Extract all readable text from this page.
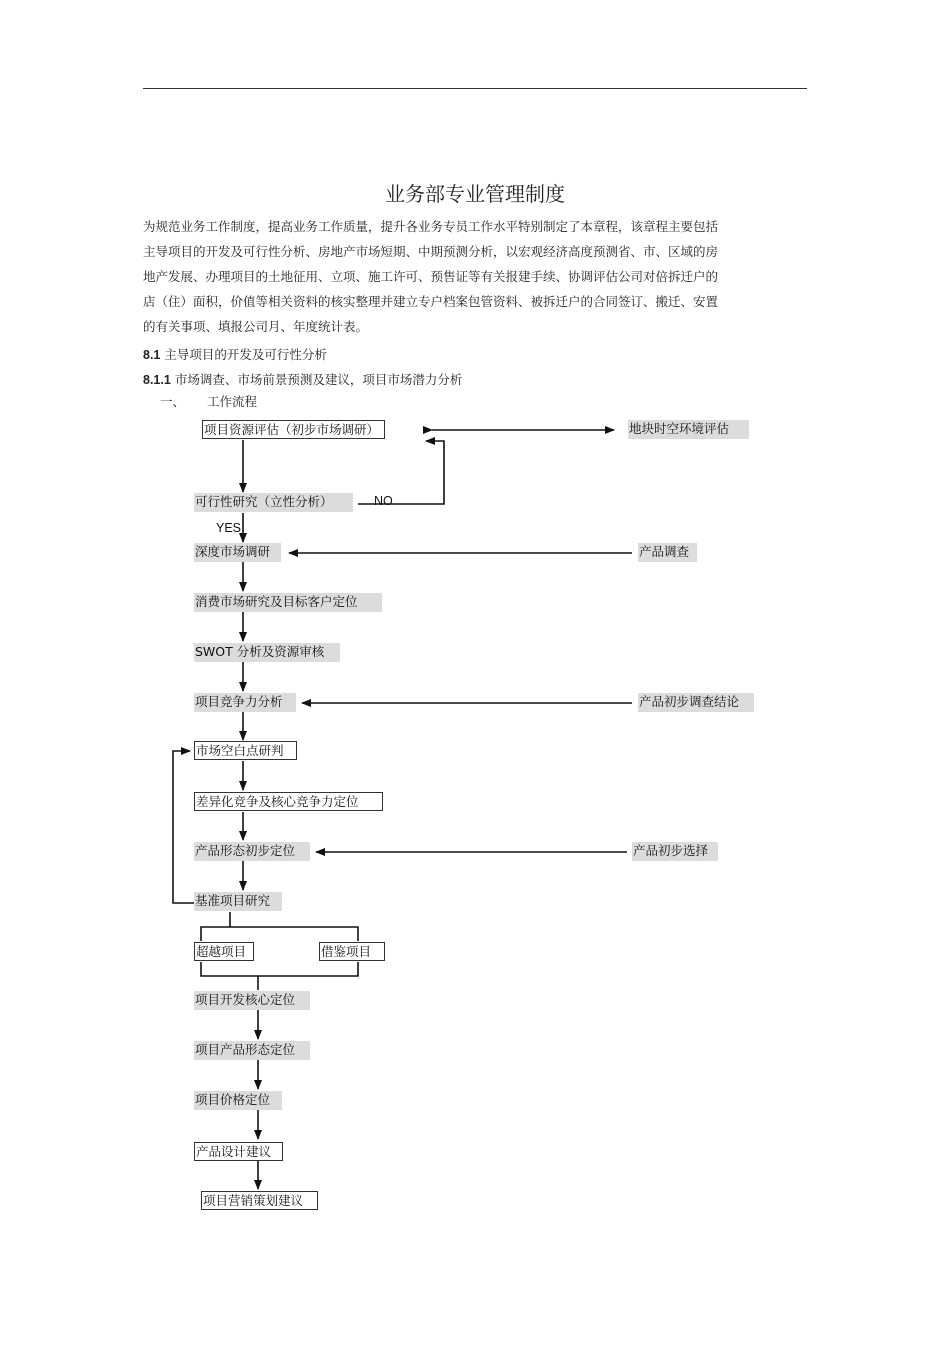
业务部专业管理制度
为规范业务工作制度，提高业务工作质量，提升各业务专员工作水平特别制定了本章程，该章程主要包括
主导项目的开发及可行性分析、房地产市场短期、中期预测分析，以宏观经济高度预测省、市、区域的房
地产发展、办理项目的土地征用、立项、施工许可、预售证等有关报建手续、协调评估公司对倍拆迁户的
店（住）面积，价值等相关资料的核实整理并建立专户档案包管资料、被拆迁户的合同签订、搬迁、安置
的有关事项、填报公司月、年度统计表。
8.1 主导项目的开发及可行性分析
8.1.1 市场调查、市场前景预测及建议，项目市场潜力分析
一、 工作流程
项目资源评估（初步市场调研）	地块时空环境评估
可行性研究（立性分析）	NO
YES
深度市场调研	产品调查
消费市场研究及目标客户定位
SWOT 分析及资源审核
项目竞争力分析	产品初步调查结论
市场空白点研判
差异化竞争及核心竞争力定位
产品形态初步定位	产品初步选择
基准项目研究
超越项目	借鉴项目
项目开发核心定位
项目产品形态定位
项目价格定位
产品设计建议
项目营销策划建议
